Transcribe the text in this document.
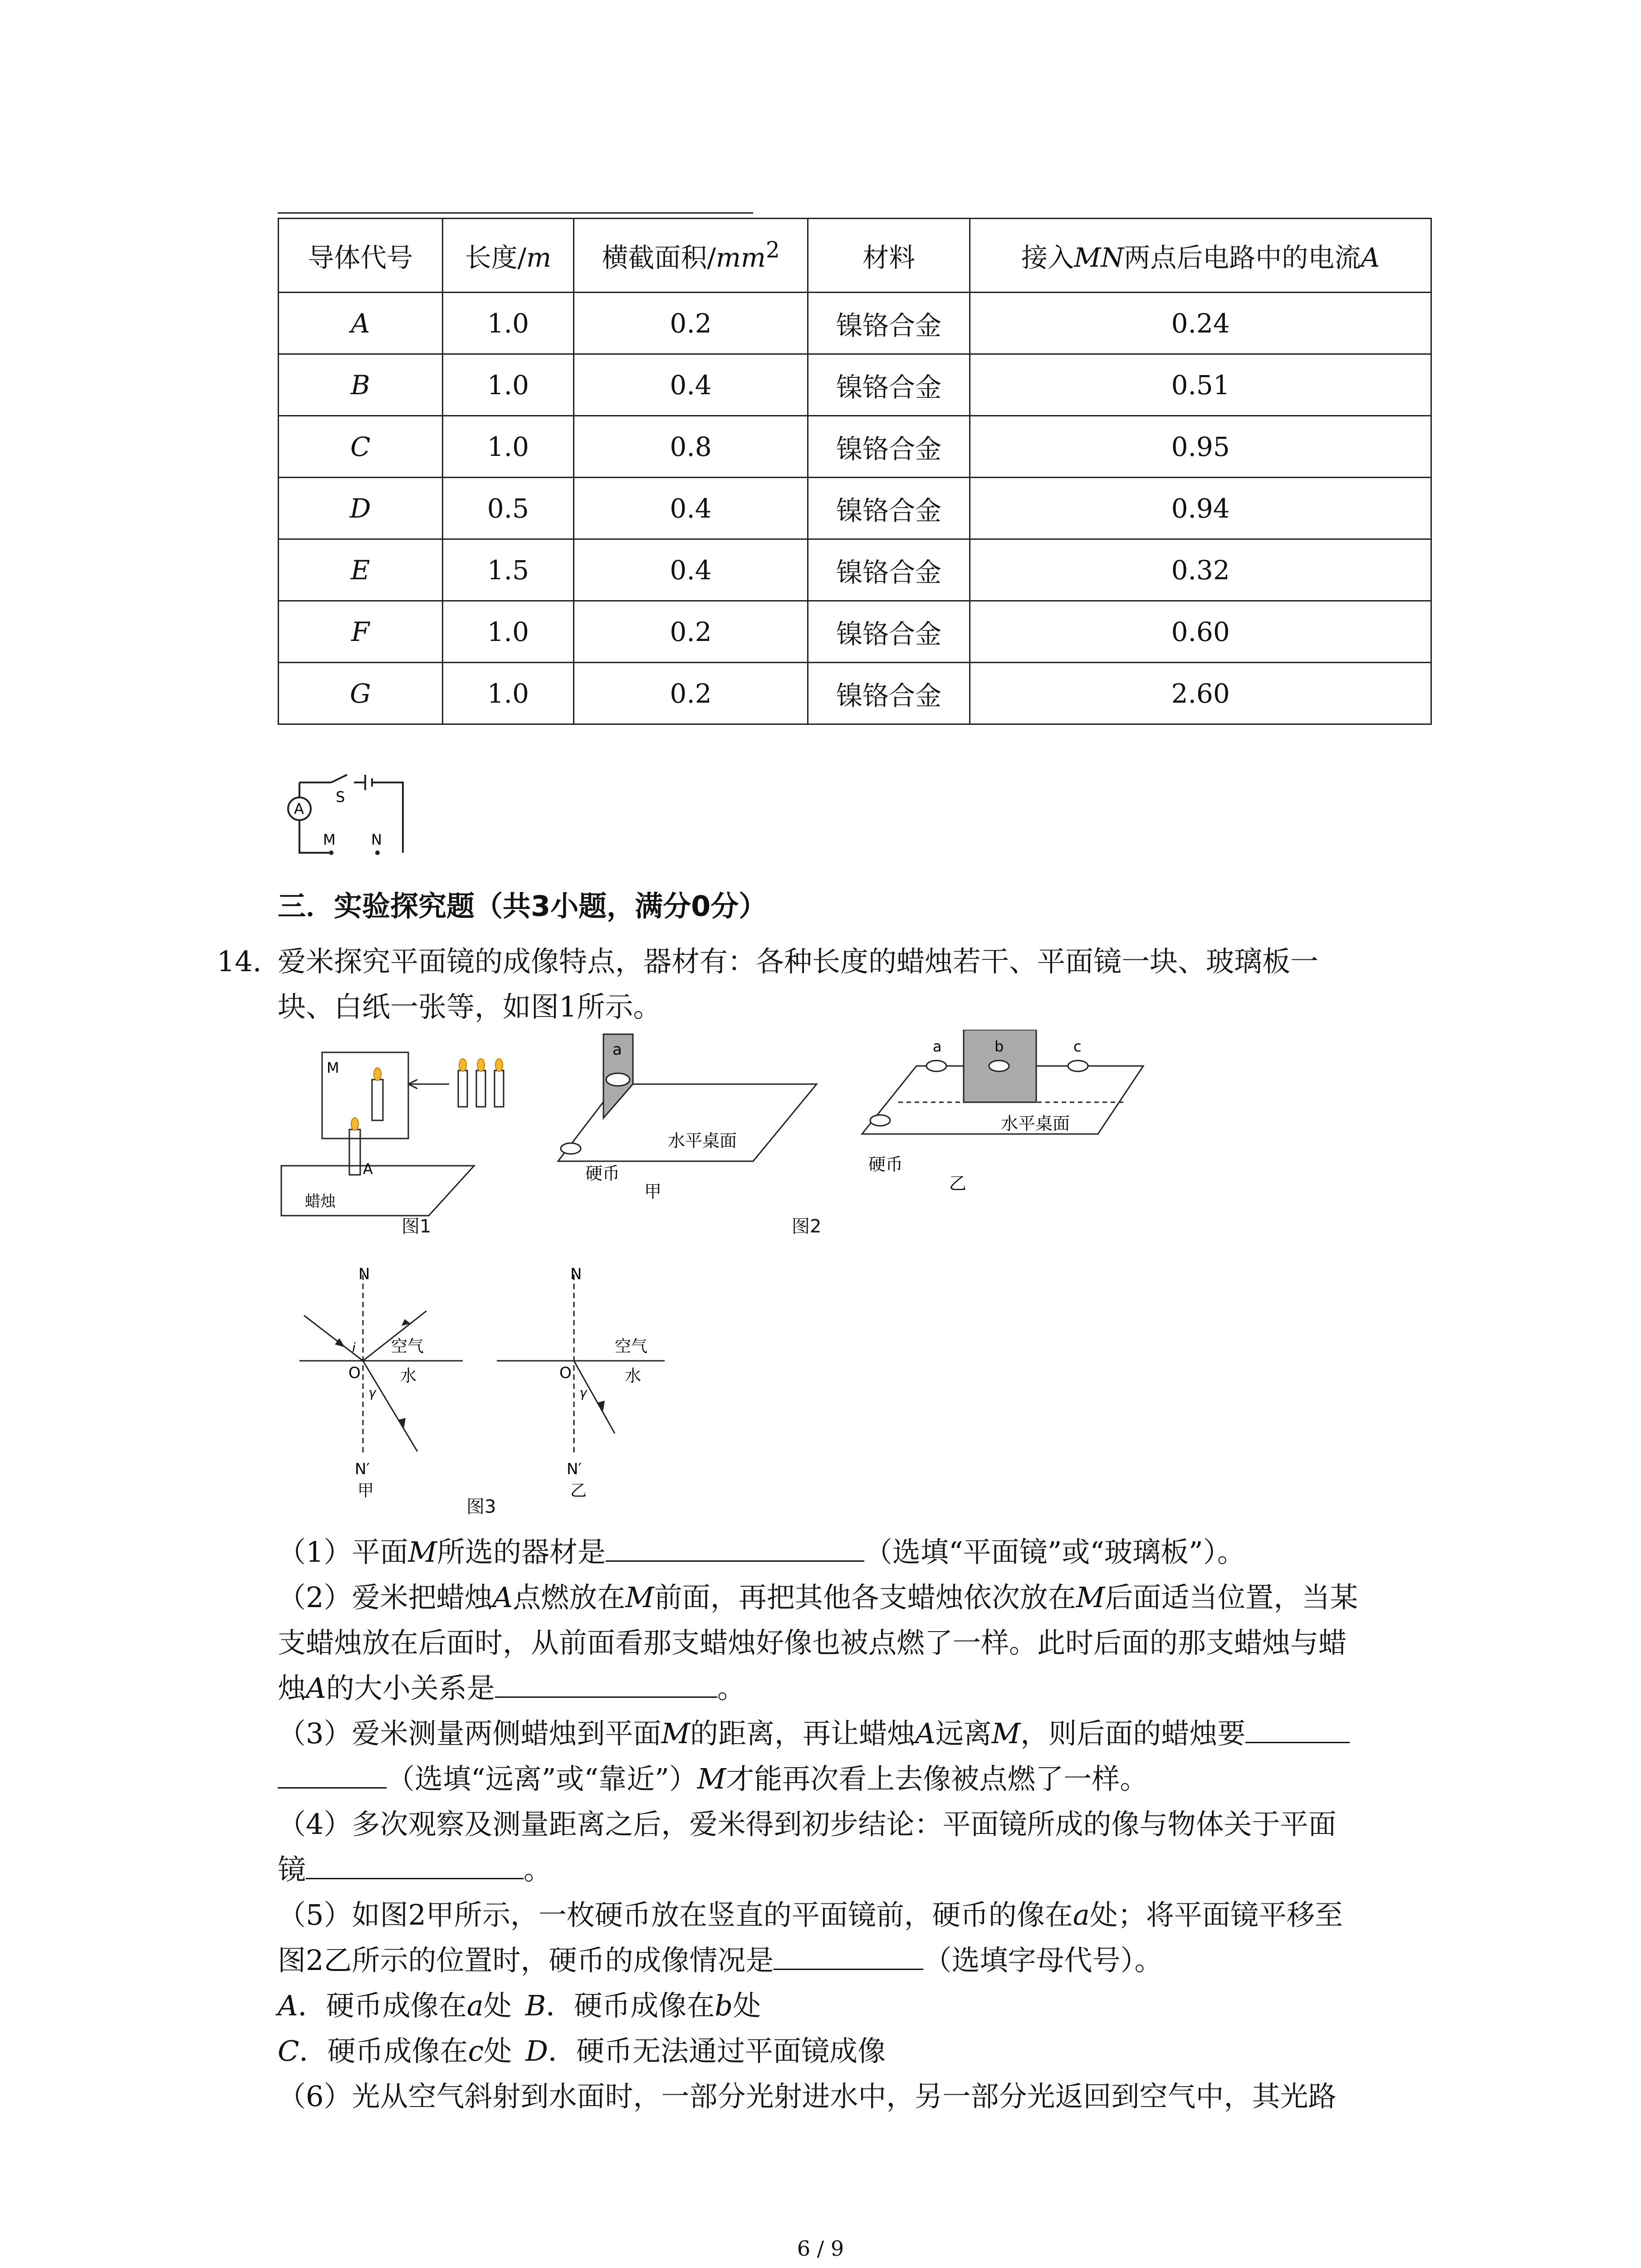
导体代号	长度/m	横截面积$/mm^2$	材料	接入MN两点后电路中的电流A
A	1.0	0.2	镍铬合金	0.24
B	1.0	0.4	镍铬合金	0.51
C	1.0	0.8	镍铬合金	0.95
D	0.5	0.4	镍铬合金	0.94
E	1.5	0.4	镍铬合金	0.32
F	1.0	0.2	镍铬合金	0.60
G	1.0	0.2	镍铬合金	2.60
S
A
M N
三．实验探究题（共3小题，满分0分）
14. 爱米探究平面镜的成像特点，器材有：各种长度的蜡烛若干、平面镜一块、玻璃板一
块、白纸一张等，如图1所示。
M
A
蜡烛
图1
a
水平桌面
硬币
甲
a	b	c
水平桌面
硬币
乙
图2
N
N′
O
i
γ
空气
水
甲
N
N′
O
γ
空气
水
乙
图3
（1）平面M所选的器材是	（选填“平面镜”或“玻璃板”）。
（2）爱米把蜡烛A点燃放在M前面，再把其他各支蜡烛依次放在M后面适当位置，当某
支蜡烛放在后面时，从前面看那支蜡烛好像也被点燃了一样。此时后面的那支蜡烛与蜡
烛A的大小关系是	。
（3）爱米测量两侧蜡烛到平面M的距离，再让蜡烛A远离M，则后面的蜡烛要
（选填“远离”或“靠近”）M才能再次看上去像被点燃了一样。
（4）多次观察及测量距离之后，爱米得到初步结论：平面镜所成的像与物体关于平面
镜	。
（5）如图2甲所示，一枚硬币放在竖直的平面镜前，硬币的像在a处；将平面镜平移至
图2乙所示的位置时，硬币的成像情况是	（选填字母代号）。
A．硬币成像在a处 B．硬币成像在b处
C．硬币成像在c处 D．硬币无法通过平面镜成像
（6）光从空气斜射到水面时，一部分光射进水中，另一部分光返回到空气中，其光路
6 / 9
